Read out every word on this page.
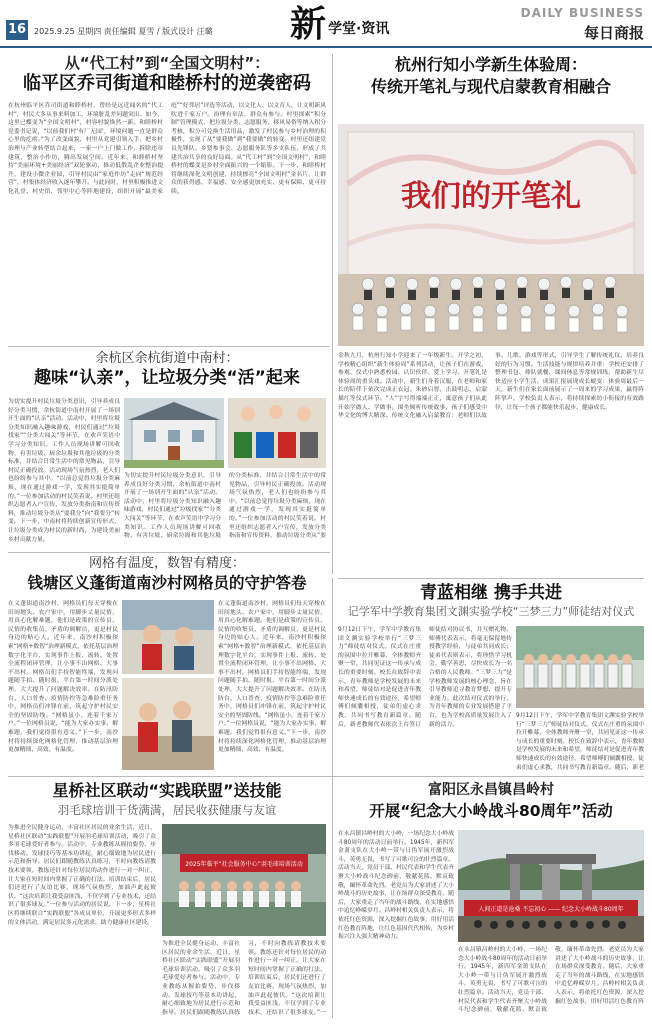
16 2025.9.25 星期四 责任编辑 夏雪 / 版式设计 汪璐 新 学堂·资讯
DAILY BUSINESS
每日商报
从“代工村”到“全国文明村”：
临平区乔司街道和睦桥村的逆袭密码
在杭州临平区乔司街道和睦桥村，曾经是远近闻名的“代工村”，村民大多从事来料加工，环境脏乱差问题突出。如今，这里已蝶变为“全国文明村”，村容村貌焕然一新。和睦桥村党委书记说，“以前我们村‘有厂无园’，环境问题一直是群众心里的疙瘩。”为了改变面貌，村里从党建引领入手，把乡村治理与产业转型结合起来，一家一户上门做工作，拆除违章建筑，整治小作坊，腾出发展空间。近年来，和睦桥村坚持“美丽环境+美丽经济”双轮驱动，推动低散乱企业整治提升，建设小微企业园，引导村民由“家庭作坊”走向“规范经营”，村集体经济收入逐年攀升。与此同时，村里积极推进文化礼堂、村史馆、邻里中心等阵地建设，组织开展“最美家庭”“好邻居”评选等活动，以文化人、以文育人，让文明新风吹进千家万户。治理有章法，群众有参与。村里探索“积分制”管理模式，把垃圾分类、志愿服务、移风易俗等纳入积分考核，积分可兑换生活用品，激发了村民参与乡村治理的积极性，实现了从“要我做”到“我要做”的转变。村里还组建党员先锋队、乡贤参事会、志愿服务队等多支队伍，形成了共建共治共享的良好局面。从“代工村”到“全国文明村”，和睦桥村的蝶变是乡村全面振兴的一个缩影。下一步，和睦桥村将继续深化文明创建，持续擦亮“全国文明村”金名片，让群众的获得感、幸福感、安全感更加充实、更有保障、更可持续。
杭州行知小学新生体验周：
传统开笔礼与现代启蒙教育相融合
我们的开笔礼
金秋九月，杭州行知小学迎来了一年级新生。开学之初，学校精心组织“新生体验周”系列活动，让孩子们在游戏、参观、仪式中熟悉校园、认识伙伴、爱上学习。开笔礼是体验周的重头戏。活动中，新生们身着汉服，在老师和家长的陪伴下依次完成正衣冠、朱砂启智、击鼓明志、启蒙描红等仪式环节。“人”字写得端端正正，寓意孩子们从此开始学做人、学做事。围坐倾听传统故事，孩子们感受中华文化的博大精深。传统文化融入启蒙教育：老师们以故事、儿歌、游戏等形式，引导学生了解传统礼仪，培养良好的行为习惯。生活技能与规律培养并重：学校还安排了整理书包、排队就餐、课间休息等常规训练，帮助新生尽快适应小学生活。成果汇报展现成长蜕变：体验周最后一天，新生们在家长面前展示了一周来的学习成果，赢得阵阵掌声。学校负责人表示，将持续探索幼小衔接的有效路径，让每一个孩子都能快乐起步、健康成长。
余杭区余杭街道中南村：
趣味“认亲”，让垃圾分类“活”起来
为切实提升村民垃圾分类意识，引导养成良好分类习惯，余杭街道中南村开展了一场别开生面的“认亲”活动。活动中，村里将垃圾分类知识融入趣味游戏，村民们通过“垃圾找家”“分类大闯关”等环节，在欢声笑语中学习分类知识。工作人员现场讲解可回收物、有害垃圾、厨余垃圾和其他垃圾的分类标准，并结合日常生活中的常见物品，引导村民正确投放。活动现场气氛热烈，老人们也纷纷参与其中。“以前总觉得垃圾分类麻烦，现在通过游戏一学，发现其实挺简单的。”一位参加活动的村民笑着说。村里还组织志愿者入户宣传，发放分类指南和宣传资料，推动垃圾分类从“要我分”向“我要分”转变。下一步，中南村将持续创新宣传形式，让垃圾分类成为村民的新时尚，为建设美丽乡村贡献力量。
为切实提升村民垃圾分类意识，引导养成良好分类习惯，余杭街道中南村开展了一场别开生面的“认亲”活动。活动中，村里将垃圾分类知识融入趣味游戏，村民们通过“垃圾找家”“分类大闯关”等环节，在欢声笑语中学习分类知识。工作人员现场讲解可回收物、有害垃圾、厨余垃圾和其他垃圾的分类标准，并结合日常生活中的常见物品，引导村民正确投放。活动现场气氛热烈，老人们也纷纷参与其中。“以前总觉得垃圾分类麻烦，现在通过游戏一学，发现其实挺简单的。”一位参加活动的村民笑着说。村里还组织志愿者入户宣传，发放分类指南和宣传资料，推动垃圾分类从“要
网格有温度，数智有精度：
钱塘区义蓬街道南沙村网格员的守护答卷
在义蓬街道南沙村，网格员们每天穿梭在田间地头、农户家中，用脚步丈量民情，用真心化解难题。他们是政策的宣传员、民情的收集员、矛盾的调解员，更是村民身边的贴心人。近年来，南沙村积极探索“网格+数智”治理新模式，依托基层治理数字化平台，实现事件上报、流转、处置全流程闭环管理，让小事不出网格、大事不出村。网格员们手持智能终端，发现问题随手拍、随时报，平台第一时间分派处理，大大提升了问题解决效率。在防汛防台、人口普查、疫情防控等急难险重任务中，网格员们冲锋在前，筑起守护村民安全的坚固防线。“网格虽小，连着千家万户。”一位网格员说，“能为大家办实事、解难题，我们觉得很有意义。”下一步，南沙村将持续深化网格化管理，推动基层治理更加精细、高效、有温度。
在义蓬街道南沙村，网格员们每天穿梭在田间地头、农户家中，用脚步丈量民情，用真心化解难题。他们是政策的宣传员、民情的收集员、矛盾的调解员，更是村民身边的贴心人。近年来，南沙村积极探索“网格+数智”治理新模式，依托基层治理数字化平台，实现事件上报、流转、处置全流程闭环管理，让小事不出网格、大事不出村。网格员们手持智能终端，发现问题随手拍、随时报，平台第一时间分派处理，大大提升了问题解决效率。在防汛防台、人口普查、疫情防控等急难险重任务中，网格员们冲锋在前，筑起守护村民安全的坚固防线。“网格虽小，连着千家万户。”一位网格员说，“能为大家办实事、解难题，我们觉得很有意义。”下一步，南沙村将持续深化网格化管理，推动基层治理更加精细、高效、有温度。
青蓝相继 携手共进
记学军中学教育集团文渊实验学校“三梦三力”师徒结对仪式
9月12日下午，学军中学教育集团文渊实验学校举行“三梦三力”师徒结对仪式。仪式在庄重的氛围中拉开帷幕，全体教师齐聚一堂，共同见证这一传承与成长的重要时刻。校长在致辞中表示，青年教师是学校发展的未来和希望，师徒结对是促进青年教师快速成长的有效途径，希望师傅们倾囊相授，徒弟们虚心求教，共同书写教育新篇章。随后，新老教师代表依次上台签订师徒结对协议书，并互赠礼物。师傅代表表示，将毫无保留地传授教学经验，与徒弟共同成长；徒弟代表则表示，将珍惜学习机会，勤学善思，尽快成长为一名合格的人民教师。“三梦三力”是学校教师发展的核心理念，旨在引导教师追寻教育梦想、提升专业能力。此次结对仪式的举行，为青年教师的专业发展搭建了平台，也为学校高质量发展注入了新的活力。
9月12日下午，学军中学教育集团文渊实验学校举行“三梦三力”师徒结对仪式。仪式在庄重的氛围中拉开帷幕，全体教师齐聚一堂，共同见证这一传承与成长的重要时刻。校长在致辞中表示，青年教师是学校发展的未来和希望，师徒结对是促进青年教师快速成长的有效途径，希望师傅们倾囊相授，徒弟们虚心求教，共同书写教育新篇章。随后，新老
星桥社区联动“实践联盟”送技能
羽毛球培训干货满满，居民收获健康与友谊
为推进全民健身运动，丰富社区居民的业余生活，近日，星桥社区联动“实践联盟”开展羽毛球培训活动，吸引了众多羽毛球爱好者参与。活动中，专业教练从握拍姿势、步伐移动、发球技巧等基本功讲起，耐心细致地为居民进行示范和指导。居民们跟随教练认真练习，不时向教练请教技术要领。教练还针对每位居民的动作进行一对一纠正，让大家在短时间内掌握了正确的打法。培训结束后，居民们还进行了友谊比赛，现场气氛热烈，加油声此起彼伏。“这次培训让我受益匪浅，不仅学到了专业技术，还结识了很多球友。”一位参与活动的居民说。下一步，星桥社区将继续联合“实践联盟”各成员单位，开展更多形式多样的文体活动，满足居民多元化需求，助力健康社区建设。
2025年临平“社会服务中心”羽毛球培训活动
为推进全民健身运动，丰富社区居民的业余生活，近日，星桥社区联动“实践联盟”开展羽毛球培训活动，吸引了众多羽毛球爱好者参与。活动中，专业教练从握拍姿势、步伐移动、发球技巧等基本功讲起，耐心细致地为居民进行示范和指导。居民们跟随教练认真练习，不时向教练请教技术要领。教练还针对每位居民的动作进行一对一纠正，让大家在短时间内掌握了正确的打法。培训结束后，居民们还进行了友谊比赛，现场气氛热烈，加油声此起彼伏。“这次培训让我受益匪浅，不仅学到了专业技术，还结识了很多球友。”一
富阳区永昌镇昌岭村
开展“纪念大小岭战斗80周年”活动
在永昌镇昌岭村的大小岭，一场纪念大小岭战斗80周年的活动日前举行。1945年，新四军金萧支队在大小岭一带与日伪军展开激烈战斗，英勇无畏，书写了可歌可泣的壮烈篇章。活动当天，党员干部、村民代表和学生代表齐聚大小岭战斗纪念碑前，敬献花篮、默哀致敬，缅怀革命先烈。老党员为大家讲述了大小岭战斗的历史故事，让在场群众深受教育。随后，大家重走了当年的战斗路线，在实地感悟中追忆峥嵘岁月。昌岭村相关负责人表示，将依托红色资源，深入挖掘红色故事，用好用活红色教育阵地，让红色基因代代相传，为乡村振兴注入强大精神动力。
人间正道是沧桑 不忘初心 —— 纪念大小岭战斗80周年
在永昌镇昌岭村的大小岭，一场纪念大小岭战斗80周年的活动日前举行。1945年，新四军金萧支队在大小岭一带与日伪军展开激烈战斗，英勇无畏，书写了可歌可泣的壮烈篇章。活动当天，党员干部、村民代表和学生代表齐聚大小岭战斗纪念碑前，敬献花篮、默哀致敬，缅怀革命先烈。老党员为大家讲述了大小岭战斗的历史故事，让在场群众深受教育。随后，大家重走了当年的战斗路线，在实地感悟中追忆峥嵘岁月。昌岭村相关负责人表示，将依托红色资源，深入挖掘红色故事，用好用活红色教育阵
